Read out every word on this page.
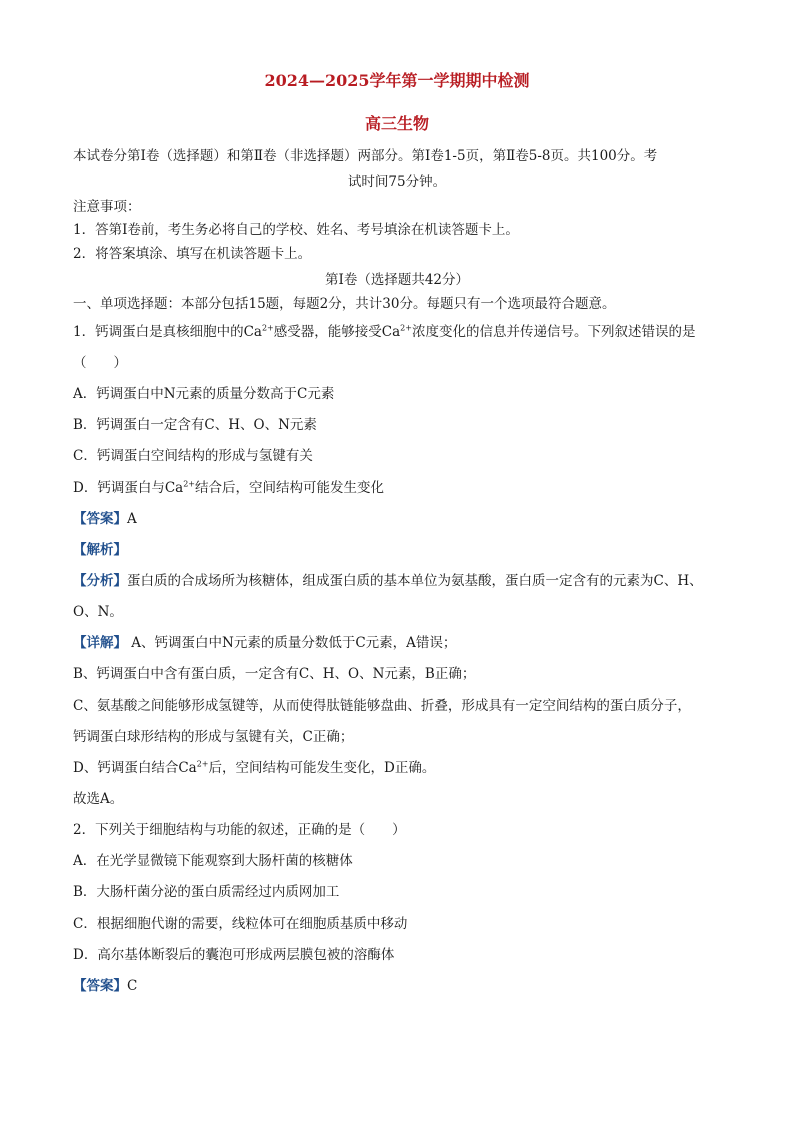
2024—2025学年第一学期期中检测
高三生物
本试卷分第Ⅰ卷（选择题）和第Ⅱ卷（非选择题）两部分。第Ⅰ卷1-5页，第Ⅱ卷5-8页。共100分。考
试时间75分钟。
注意事项：
1．答第Ⅰ卷前，考生务必将自己的学校、姓名、考号填涂在机读答题卡上。
2．将答案填涂、填写在机读答题卡上。
第Ⅰ卷（选择题共42分）
一、单项选择题：本部分包括15题，每题2分，共计30分。每题只有一个选项最符合题意。
1．钙调蛋白是真核细胞中的$Ca^{2+}$感受器，能够接受$Ca^{2+}$浓度变化的信息并传递信号。下列叙述错误的是
（　　）
A．钙调蛋白中N元素的质量分数高于C元素
B．钙调蛋白一定含有C、H、O、N元素
C．钙调蛋白空间结构的形成与氢键有关
D．钙调蛋白与$Ca^{2+}$结合后，空间结构可能发生变化
【答案】A
【解析】
【分析】蛋白质的合成场所为核糖体，组成蛋白质的基本单位为氨基酸，蛋白质一定含有的元素为C、H、
O、N。
【详解】 A、钙调蛋白中N元素的质量分数低于C元素，A错误；
B、钙调蛋白中含有蛋白质，一定含有C、H、O、N元素，B正确；
C、氨基酸之间能够形成氢键等，从而使得肽链能够盘曲、折叠，形成具有一定空间结构的蛋白质分子，
钙调蛋白球形结构的形成与氢键有关，C正确；
D、钙调蛋白结合$Ca^{2+}$后，空间结构可能发生变化，D正确。
故选A。
2．下列关于细胞结构与功能的叙述，正确的是（　　）
A．在光学显微镜下能观察到大肠杆菌的核糖体
B．大肠杆菌分泌的蛋白质需经过内质网加工
C．根据细胞代谢的需要，线粒体可在细胞质基质中移动
D．高尔基体断裂后的囊泡可形成两层膜包被的溶酶体
【答案】C
